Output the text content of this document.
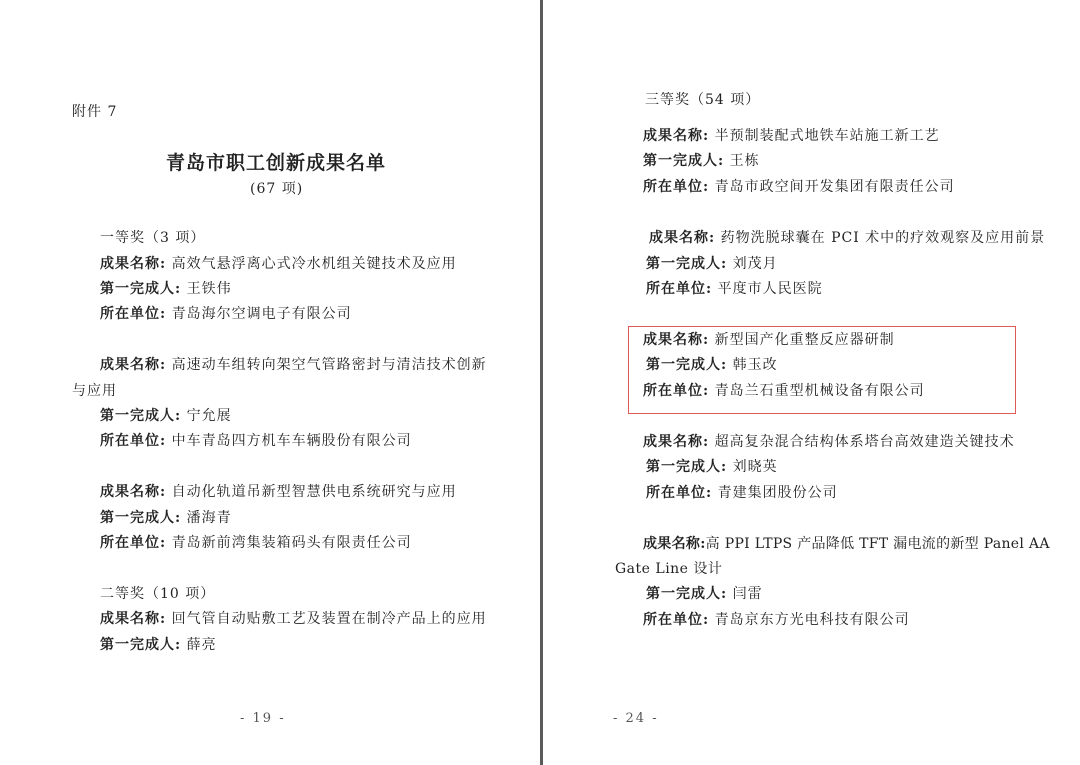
附件 7
青岛市职工创新成果名单
(67 项)
一等奖（3 项）
成果名称: 高效气悬浮离心式冷水机组关键技术及应用
第一完成人: 王铁伟
所在单位: 青岛海尔空调电子有限公司
成果名称: 高速动车组转向架空气管路密封与清洁技术创新
与应用
第一完成人: 宁允展
所在单位: 中车青岛四方机车车辆股份有限公司
成果名称: 自动化轨道吊新型智慧供电系统研究与应用
第一完成人: 潘海青
所在单位: 青岛新前湾集装箱码头有限责任公司
二等奖（10 项）
成果名称: 回气管自动贴敷工艺及装置在制冷产品上的应用
第一完成人: 薛亮
- 19 -
三等奖（54 项）
成果名称: 半预制装配式地铁车站施工新工艺
第一完成人: 王栋
所在单位: 青岛市政空间开发集团有限责任公司
成果名称: 药物洗脱球囊在 PCI 术中的疗效观察及应用前景
第一完成人: 刘茂月
所在单位: 平度市人民医院
成果名称: 新型国产化重整反应器研制
第一完成人: 韩玉改
所在单位: 青岛兰石重型机械设备有限公司
成果名称: 超高复杂混合结构体系塔台高效建造关键技术
第一完成人: 刘晓英
所在单位: 青建集团股份公司
成果名称:高 PPI LTPS 产品降低 TFT 漏电流的新型 Panel AA
Gate Line 设计
第一完成人: 闫雷
所在单位: 青岛京东方光电科技有限公司
- 24 -
